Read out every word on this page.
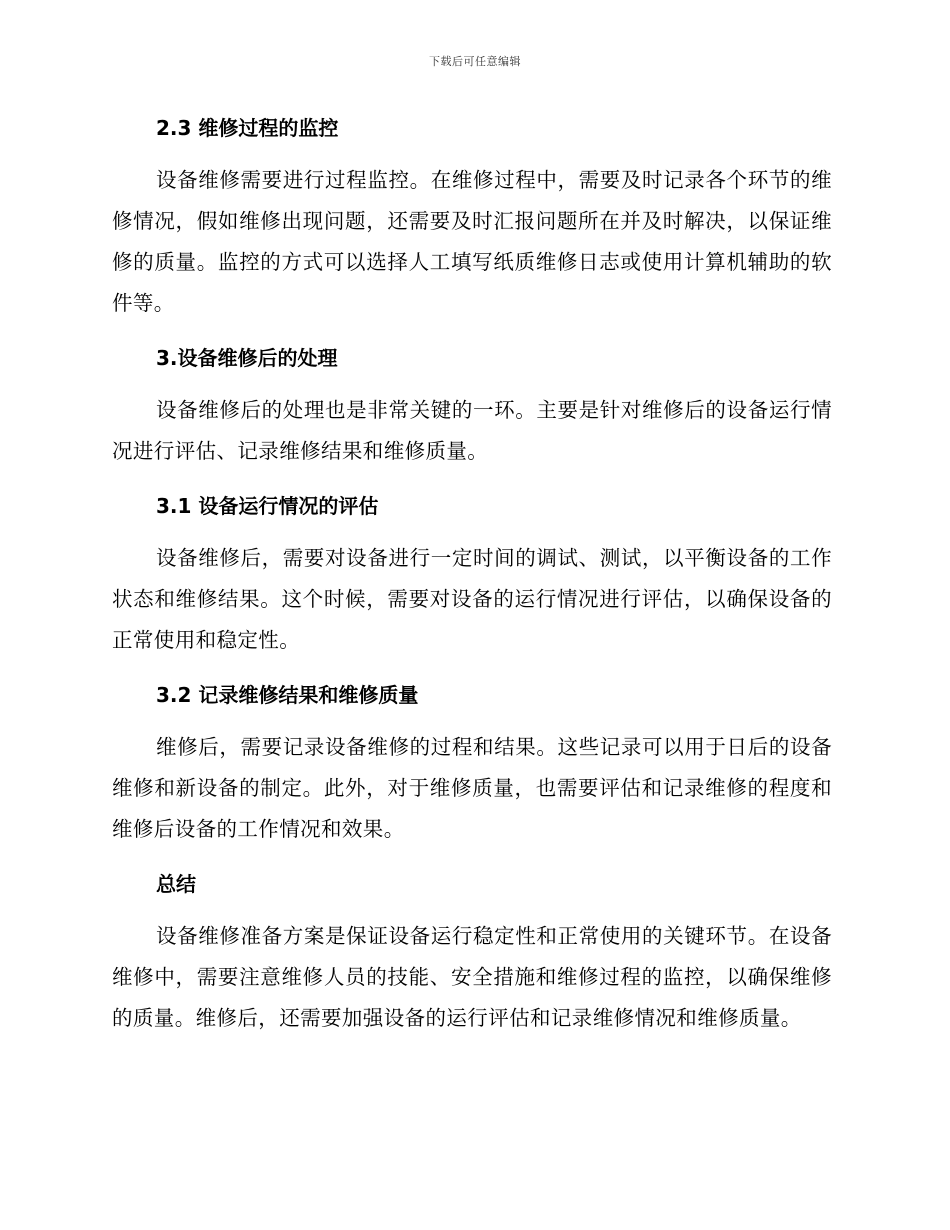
下载后可任意编辑
2.3 维修过程的监控

设备维修需要进行过程监控。在维修过程中，需要及时记录各个环节的维修情况，假如维修出现问题，还需要及时汇报问题所在并及时解决，以保证维修的质量。监控的方式可以选择人工填写纸质维修日志或使用计算机辅助的软件等。

3.设备维修后的处理

设备维修后的处理也是非常关键的一环。主要是针对维修后的设备运行情况进行评估、记录维修结果和维修质量。

3.1 设备运行情况的评估

设备维修后，需要对设备进行一定时间的调试、测试，以平衡设备的工作状态和维修结果。这个时候，需要对设备的运行情况进行评估，以确保设备的正常使用和稳定性。

3.2 记录维修结果和维修质量

维修后，需要记录设备维修的过程和结果。这些记录可以用于日后的设备维修和新设备的制定。此外，对于维修质量，也需要评估和记录维修的程度和维修后设备的工作情况和效果。

总结

设备维修准备方案是保证设备运行稳定性和正常使用的关键环节。在设备维修中，需要注意维修人员的技能、安全措施和维修过程的监控，以确保维修的质量。维修后，还需要加强设备的运行评估和记录维修情况和维修质量。
